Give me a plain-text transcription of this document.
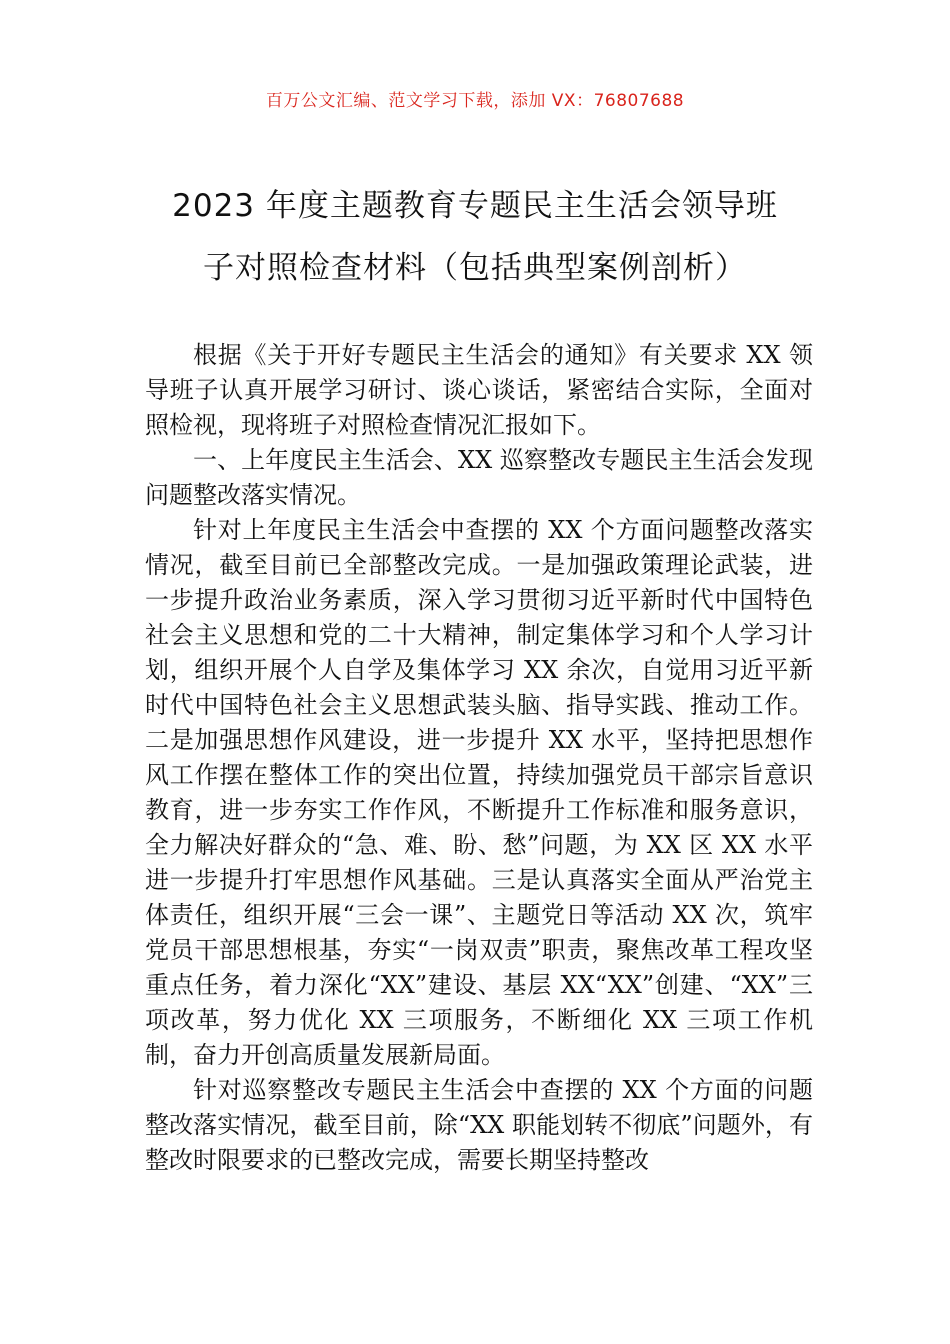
百万公文汇编、范文学习下载，添加 VX：76807688
2023 年度主题教育专题民主生活会领导班
子对照检查材料（包括典型案例剖析）

根据《关于开好专题民主生活会的通知》有关要求 XX 领导班子认真开展学习研讨、谈心谈话，紧密结合实际，全面对照检视，现将班子对照检查情况汇报如下。

一、上年度民主生活会、XX 巡察整改专题民主生活会发现问题整改落实情况。

针对上年度民主生活会中查摆的 XX 个方面问题整改落实情况，截至目前已全部整改完成。一是加强政策理论武装，进一步提升政治业务素质，深入学习贯彻习近平新时代中国特色社会主义思想和党的二十大精神，制定集体学习和个人学习计划，组织开展个人自学及集体学习 XX 余次，自觉用习近平新时代中国特色社会主义思想武装头脑、指导实践、推动工作。二是加强思想作风建设，进一步提升 XX 水平，坚持把思想作风工作摆在整体工作的突出位置，持续加强党员干部宗旨意识教育，进一步夯实工作作风，不断提升工作标准和服务意识，全力解决好群众的“急、难、盼、愁”问题，为 XX 区 XX 水平进一步提升打牢思想作风基础。三是认真落实全面从严治党主体责任，组织开展“三会一课”、主题党日等活动 XX 次，筑牢党员干部思想根基，夯实“一岗双责”职责，聚焦改革工程攻坚重点任务，着力深化“XX”建设、基层 XX“XX”创建、“XX”三项改革，努力优化 XX 三项服务，不断细化 XX 三项工作机制，奋力开创高质量发展新局面。

针对巡察整改专题民主生活会中查摆的 XX 个方面的问题整改落实情况，截至目前，除“XX 职能划转不彻底”问题外，有整改时限要求的已整改完成，需要长期坚持整改
